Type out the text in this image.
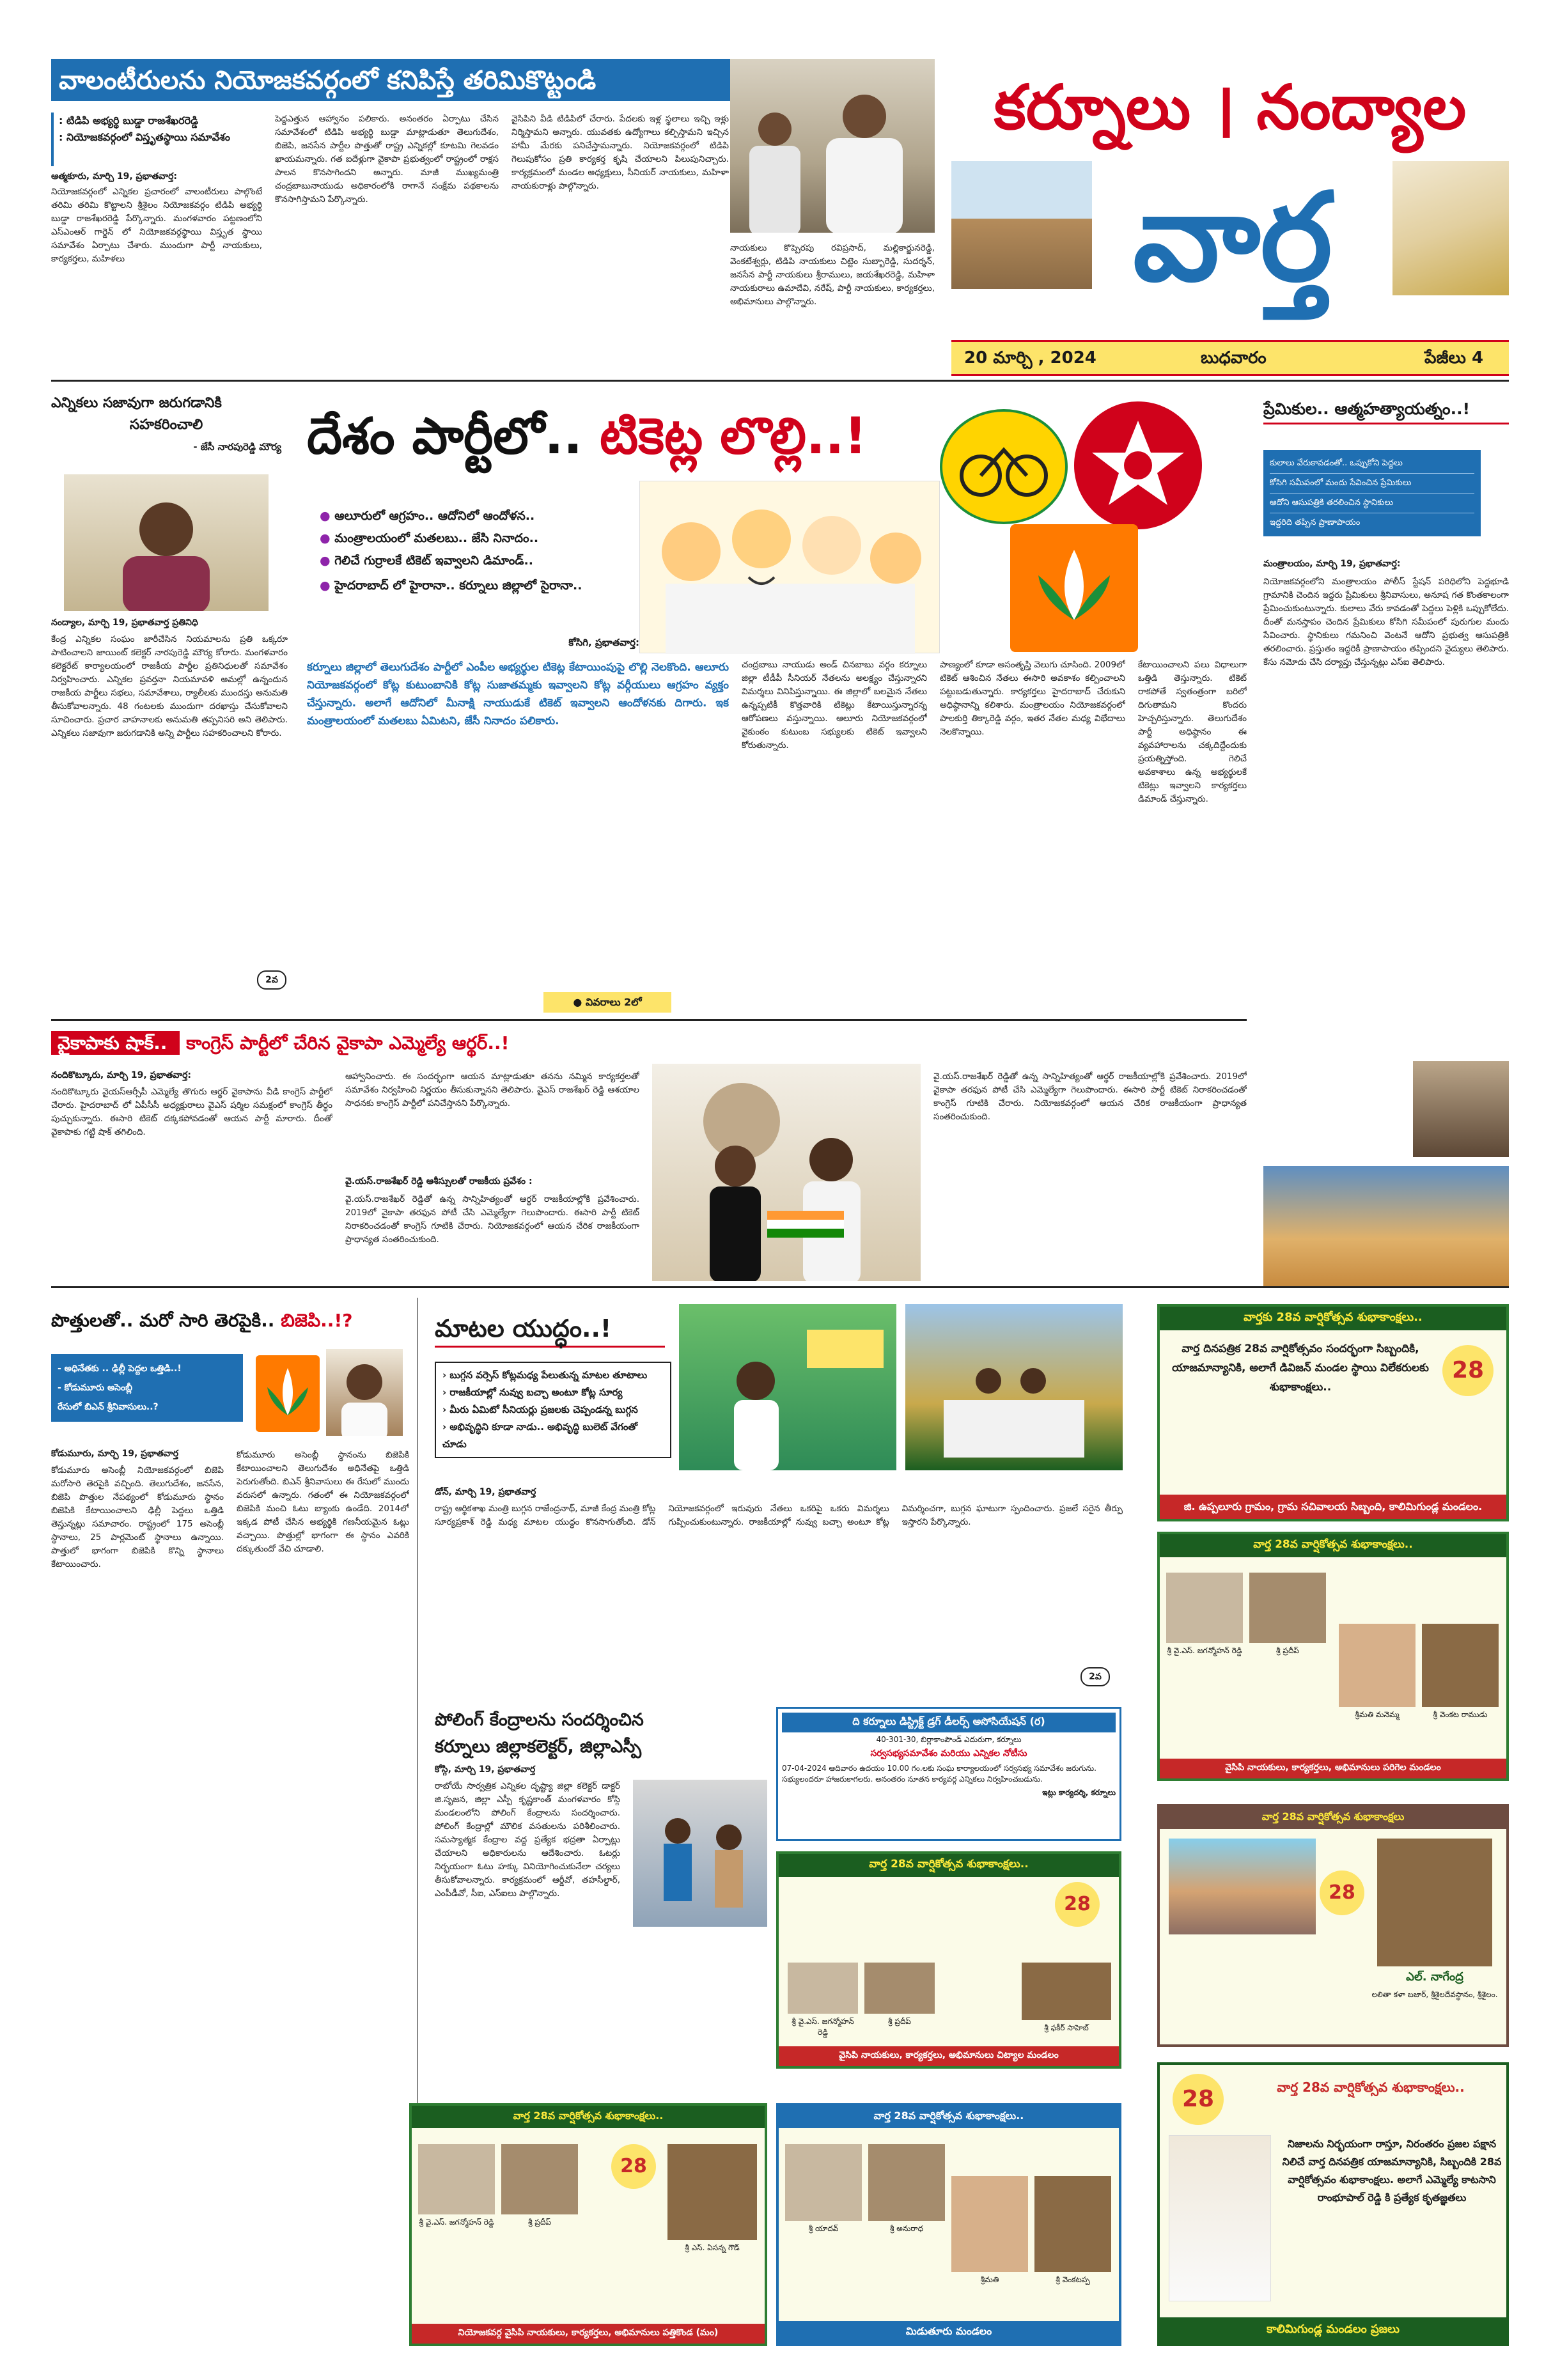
వాలంటీరులను నియోజకవర్గంలో కనిపిస్తే తరిమికొట్టండి
: టిడిపి అభ్యర్థి బుడ్డా రాజశేఖరరెడ్డి
: నియోజకవర్గంలో విస్తృతస్థాయి సమావేశం
ఆత్మకూరు, మార్చి 19, ప్రభాతవార్త:
నియోజకవర్గంలో ఎన్నికల ప్రచారంలో వాలంటీరులు పాల్గొంటే తరిమి తరిమి కొట్టాలని శ్రీశైలం నియోజకవర్గం టిడిపి అభ్యర్థి బుడ్డా రాజశేఖరరెడ్డి పేర్కొన్నారు. మంగళవారం పట్టణంలోని ఎస్ఎంఆర్ గార్డెన్ లో నియోజకవర్గస్థాయి విస్తృత స్థాయి సమావేశం ఏర్పాటు చేశారు. ముందుగా పార్టీ నాయకులు, కార్యకర్తలు, మహిళలు
పెద్దఎత్తున ఆహ్వానం పలికారు. అనంతరం ఏర్పాటు చేసిన సమావేశంలో టిడిపి అభ్యర్థి బుడ్డా మాట్లాడుతూ తెలుగుదేశం, బిజెపి, జనసేన పార్టీల పొత్తుతో రాష్ట్ర ఎన్నికల్లో కూటమి గెలవడం ఖాయమన్నారు. గత ఐదేళ్లుగా వైకాపా ప్రభుత్వంలో రాష్ట్రంలో రాక్షస పాలన కొనసాగిందని అన్నారు. మాజీ ముఖ్యమంత్రి చంద్రబాబునాయుడు అధికారంలోకి రాగానే సంక్షేమ పథకాలను కొనసాగిస్తామని పేర్కొన్నారు.
వైసిపిని వీడి టిడిపిలో చేరారు. పేదలకు ఇళ్ల స్థలాలు ఇచ్చి ఇళ్లు నిర్మిస్తామని అన్నారు. యువతకు ఉద్యోగాలు కల్పిస్తామని ఇచ్చిన హామీ మేరకు పనిచేస్తామన్నారు. నియోజకవర్గంలో టిడిపి గెలుపుకోసం ప్రతి కార్యకర్త కృషి చేయాలని పిలుపునిచ్చారు. కార్యక్రమంలో మండల అధ్యక్షులు, సీనియర్ నాయకులు, మహిళా నాయకురాళ్లు పాల్గొన్నారు.
నాయకులు కొప్పెరపు రవిప్రసాద్, మల్లికార్జునరెడ్డి, వెంకటేశ్వర్లు, టిడిపి నాయకులు చిట్టెం సుబ్బారెడ్డి, సుదర్శన్, జనసేన పార్టీ నాయకులు శ్రీరాములు, జయశేఖరరెడ్డి, మహిళా నాయకురాలు ఉమాదేవి, నరేష్, పార్టీ నాయకులు, కార్యకర్తలు, అభిమానులు పాల్గొన్నారు.
కర్నూలు । నంద్యాల
వార్త
20 మార్చి , 2024	బుధవారం	పేజీలు 4
ఎన్నికలు సజావుగా జరుగడానికి
సహకరించాలి
- జేసీ నారపురెడ్డి మౌర్య
నంద్యాల, మార్చి 19, ప్రభాతవార్త ప్రతినిధి
కేంద్ర ఎన్నికల సంఘం జారీచేసిన నియమాలను ప్రతి ఒక్కరూ పాటించాలని జాయింట్ కలెక్టర్ నారపురెడ్డి మౌర్య కోరారు. మంగళవారం కలెక్టరేట్ కార్యాలయంలో రాజకీయ పార్టీల ప్రతినిధులతో సమావేశం నిర్వహించారు. ఎన్నికల ప్రవర్తనా నియమావళి అమల్లో ఉన్నందున రాజకీయ పార్టీలు సభలు, సమావేశాలు, ర్యాలీలకు ముందస్తు అనుమతి తీసుకోవాలన్నారు. 48 గంటలకు ముందుగా దరఖాస్తు చేసుకోవాలని సూచించారు. ప్రచార వాహనాలకు అనుమతి తప్పనిసరి అని తెలిపారు. ఎన్నికలు సజావుగా జరుగడానికి అన్ని పార్టీలు సహకరించాలని కోరారు.
2వ
దేశం పార్టీలో.. టికెట్ల లొల్లి..!
● ఆలూరులో ఆగ్రహం.. ఆదోనిలో ఆందోళన..
● మంత్రాలయంలో మతలబు.. జేసి నినాదం..
● గెలిచే గుర్రాలకే టికెట్ ఇవ్వాలని డిమాండ్..
● హైదరాబాద్ లో హైరానా.. కర్నూలు జిల్లాలో సైరానా..
కోసిగి, ప్రభాతవార్త:
కర్నూలు జిల్లాలో తెలుగుదేశం పార్టీలో ఎంపీల అభ్యర్థుల టికెట్ల కేటాయింపుపై లొల్లి నెలకొంది. ఆలూరు నియోజకవర్గంలో కోట్ల కుటుంబానికి కోట్ల సుజాతమ్మకు ఇవ్వాలని కోట్ల వర్గీయులు ఆగ్రహం వ్యక్తం చేస్తున్నారు. అలాగే ఆదోనిలో మీనాక్షి నాయుడుకే టికెట్ ఇవ్వాలని ఆందోళనకు దిగారు. ఇక మంత్రాలయంలో మతలబు ఏమిటని, జేసీ నినాదం పలికారు.
● వివరాలు 2లో
చంద్రబాబు నాయుడు అండ్ చినబాబు వర్గం కర్నూలు జిల్లా టీడీపీ సీనియర్ నేతలను అలక్ష్యం చేస్తున్నారని విమర్శలు వినిపిస్తున్నాయి. ఈ జిల్లాలో బలమైన నేతలు ఉన్నప్పటికీ కొత్తవారికి టికెట్లు కేటాయిస్తున్నారన్న ఆరోపణలు వస్తున్నాయి. ఆలూరు నియోజకవర్గంలో వైకుంఠం కుటుంబ సభ్యులకు టికెట్ ఇవ్వాలని కోరుతున్నారు.
పాణ్యంలో కూడా అసంతృప్తి వెలుగు చూసింది. 2009లో టికెట్ ఆశించిన నేతలు ఈసారి అవకాశం కల్పించాలని పట్టుబడుతున్నారు. కార్యకర్తలు హైదరాబాద్ చేరుకుని అధిష్ఠానాన్ని కలిశారు. మంత్రాలయం నియోజకవర్గంలో పాలకుర్తి తిక్కారెడ్డి వర్గం, ఇతర నేతల మధ్య విభేదాలు నెలకొన్నాయి.
కేటాయించాలని పలు విధాలుగా ఒత్తిడి తెస్తున్నారు. టికెట్ రాకపోతే స్వతంత్రంగా బరిలో దిగుతామని కొందరు హెచ్చరిస్తున్నారు. తెలుగుదేశం పార్టీ అధిష్ఠానం ఈ వ్యవహారాలను చక్కదిద్దేందుకు ప్రయత్నిస్తోంది. గెలిచే అవకాశాలు ఉన్న అభ్యర్థులకే టికెట్లు ఇవ్వాలని కార్యకర్తలు డిమాండ్ చేస్తున్నారు.
ప్రేమికుల.. ఆత్మహత్యాయత్నం..!
కులాలు వేరుకావడంతో.. ఒప్పుకోని పెద్దలు
కోసిగి సమీపంలో మందు సేవించిన ప్రేమికులు
ఆదోని ఆసుపత్రికి తరలించిన స్థానికులు
ఇద్దరిది తప్పిన ప్రాణాపాయం
మంత్రాలయం, మార్చి 19, ప్రభాతవార్త:
నియోజకవర్గంలోని మంత్రాలయం పోలీస్ స్టేషన్ పరిధిలోని పెద్దభూడి గ్రామానికి చెందిన ఇద్దరు ప్రేమికులు శ్రీనివాసులు, అనూష గత కొంతకాలంగా ప్రేమించుకుంటున్నారు. కులాలు వేరు కావడంతో పెద్దలు పెళ్లికి ఒప్పుకోలేదు. దీంతో మనస్తాపం చెందిన ప్రేమికులు కోసిగి సమీపంలో పురుగుల మందు సేవించారు. స్థానికులు గమనించి వెంటనే ఆదోని ప్రభుత్వ ఆసుపత్రికి తరలించారు. ప్రస్తుతం ఇద్దరికీ ప్రాణాపాయం తప్పిందని వైద్యులు తెలిపారు. కేసు నమోదు చేసి దర్యాప్తు చేస్తున్నట్లు ఎస్ఐ తెలిపారు.
వైకాపాకు షాక్.. కాంగ్రెస్ పార్టీలో చేరిన వైకాపా ఎమ్మెల్యే ఆర్థర్..!
నందికొట్కూరు, మార్చి 19, ప్రభాతవార్త:
నందికొట్కూరు వైయస్ఆర్సీపీ ఎమ్మెల్యే తొగురు ఆర్థర్ వైకాపాను వీడి కాంగ్రెస్ పార్టీలో చేరారు. హైదరాబాద్ లో ఏపీసీసీ అధ్యక్షురాలు వైఎస్ షర్మిల సమక్షంలో కాంగ్రెస్ తీర్థం పుచ్చుకున్నారు. ఈసారి టికెట్ దక్కకపోవడంతో ఆయన పార్టీ మారారు. దీంతో వైకాపాకు గట్టి షాక్ తగిలింది.
ఆహ్వానించారు. ఈ సందర్భంగా ఆయన మాట్లాడుతూ తనను నమ్మిన కార్యకర్తలతో సమావేశం నిర్వహించి నిర్ణయం తీసుకున్నానని తెలిపారు. వైఎస్ రాజశేఖర్ రెడ్డి ఆశయాల సాధనకు కాంగ్రెస్ పార్టీలో పనిచేస్తానని పేర్కొన్నారు.
వై.యస్.రాజశేఖర్ రెడ్డి ఆశీస్సులతో రాజకీయ ప్రవేశం :
వై.యస్.రాజశేఖర్ రెడ్డితో ఉన్న సాన్నిహిత్యంతో ఆర్థర్ రాజకీయాల్లోకి ప్రవేశించారు. 2019లో వైకాపా తరఫున పోటీ చేసి ఎమ్మెల్యేగా గెలుపొందారు. ఈసారి పార్టీ టికెట్ నిరాకరించడంతో కాంగ్రెస్ గూటికి చేరారు. నియోజకవర్గంలో ఆయన చేరిక రాజకీయంగా ప్రాధాన్యత సంతరించుకుంది.
వై.యస్.రాజశేఖర్ రెడ్డితో ఉన్న సాన్నిహిత్యంతో ఆర్థర్ రాజకీయాల్లోకి ప్రవేశించారు. 2019లో వైకాపా తరఫున పోటీ చేసి ఎమ్మెల్యేగా గెలుపొందారు. ఈసారి పార్టీ టికెట్ నిరాకరించడంతో కాంగ్రెస్ గూటికి చేరారు. నియోజకవర్గంలో ఆయన చేరిక రాజకీయంగా ప్రాధాన్యత సంతరించుకుంది.
పొత్తులతో.. మరో సారి తెరపైకి.. బిజెపి..!?
- అధినేతకు .. ఢిల్లీ పెద్దల ఒత్తిడి..!
- కోడుమూరు అసెంబ్లీ
రేసులో బిఎన్ శ్రీనివాసులు..?
కోడుమూరు, మార్చి 19, ప్రభాతవార్త
కోడుమూరు అసెంబ్లీ నియోజకవర్గంలో బిజెపి మరోసారి తెరపైకి వచ్చింది. తెలుగుదేశం, జనసేన, బిజెపి పొత్తుల నేపథ్యంలో కోడుమూరు స్థానం బిజెపికి కేటాయించాలని ఢిల్లీ పెద్దలు ఒత్తిడి తెస్తున్నట్లు సమాచారం. రాష్ట్రంలో 175 అసెంబ్లీ స్థానాలు, 25 పార్లమెంట్ స్థానాలు ఉన్నాయి. పొత్తులో భాగంగా బిజెపికి కొన్ని స్థానాలు కేటాయించారు.
కోడుమూరు అసెంబ్లీ స్థానంను బిజెపికి కేటాయించాలని తెలుగుదేశం అధినేతపై ఒత్తిడి పెరుగుతోంది. బిఎన్ శ్రీనివాసులు ఈ రేసులో ముందు వరుసలో ఉన్నారు. గతంలో ఈ నియోజకవర్గంలో బిజెపికి మంచి ఓటు బ్యాంకు ఉండేది. 2014లో ఇక్కడ పోటీ చేసిన అభ్యర్థికి గణనీయమైన ఓట్లు వచ్చాయి. పొత్తుల్లో భాగంగా ఈ స్థానం ఎవరికి దక్కుతుందో వేచి చూడాలి.
మాటల యుద్ధం..!
› బుగ్గన వర్సెస్ కోట్లమధ్య పేలుతున్న మాటల తూటాలు
› రాజకీయాల్లో నువ్వు బచ్చా అంటూ కోట్ల సూర్య
› మీరు ఏమిటో సీనియర్లు ప్రజలకు చెప్పండన్న బుగ్గన
› అభివృద్ధిని కూడా నాడు.. అభివృద్ధి బులెట్ వేగంతో చూడు
డోన్, మార్చి 19, ప్రభాతవార్త
రాష్ట్ర ఆర్థికశాఖ మంత్రి బుగ్గన రాజేంద్రనాథ్, మాజీ కేంద్ర మంత్రి కోట్ల సూర్యప్రకాశ్ రెడ్డి మధ్య మాటల యుద్ధం కొనసాగుతోంది. డోన్ నియోజకవర్గంలో ఇరువురు నేతలు ఒకరిపై ఒకరు విమర్శలు గుప్పించుకుంటున్నారు. రాజకీయాల్లో నువ్వు బచ్చా అంటూ కోట్ల విమర్శించగా, బుగ్గన ఘాటుగా స్పందించారు. ప్రజలే సరైన తీర్పు ఇస్తారని పేర్కొన్నారు.
2వ
పోలింగ్ కేంద్రాలను సందర్శించిన
కర్నూలు జిల్లాకలెక్టర్, జిల్లాఎస్పీ
కోస్గి, మార్చి 19, ప్రభాతవార్త
రాబోయే సార్వత్రిక ఎన్నికల దృష్ట్యా జిల్లా కలెక్టర్ డాక్టర్ జి.సృజన, జిల్లా ఎస్పీ కృష్ణకాంత్ మంగళవారం కోస్గి మండలంలోని పోలింగ్ కేంద్రాలను సందర్శించారు. పోలింగ్ కేంద్రాల్లో మౌలిక వసతులను పరిశీలించారు. సమస్యాత్మక కేంద్రాల వద్ద ప్రత్యేక భద్రతా ఏర్పాట్లు చేయాలని అధికారులను ఆదేశించారు. ఓటర్లు నిర్భయంగా ఓటు హక్కు వినియోగించుకునేలా చర్యలు తీసుకోవాలన్నారు. కార్యక్రమంలో ఆర్డీవో, తహసీల్దార్, ఎంపీడీవో, సీఐ, ఎస్ఐలు పాల్గొన్నారు.
ది కర్నూలు డిస్ట్రిక్ట్ డ్రగ్ డీలర్స్ అసోసియేషన్ (ర)
40-301-30, బిర్లాకాంపౌండ్ ఎదురుగా, కర్నూలు
సర్వసభ్యసమావేశం మరియు ఎన్నికల నోటీసు
07-04-2024 ఆదివారం ఉదయం 10.00 గం.లకు సంఘ కార్యాలయంలో సర్వసభ్య సమావేశం జరుగును. సభ్యులందరూ హాజరుకాగలరు. అనంతరం నూతన కార్యవర్గ ఎన్నికలు నిర్వహించబడును.
ఇట్లు కార్యదర్శి, కర్నూలు
వార్త 28వ వార్షికోత్సవ శుభాకాంక్షలు..
28
శ్రీ వై.ఎస్. జగన్మోహన్ రెడ్డి
శ్రీ ప్రదీప్
శ్రీ ఫకీర్ సాహెబ్
వైసిపి నాయకులు, కార్యకర్తలు, అభిమానులు చిట్యాల మండలం
వార్త 28వ వార్షికోత్సవ శుభాకాంక్షలు..
28
శ్రీ వై.ఎస్. జగన్మోహన్ రెడ్డి	శ్రీ ప్రదీప్
శ్రీ ఎస్. ఏసన్న గౌడ్
నియోజకవర్గ వైసిపి నాయకులు, కార్యకర్తలు, అభిమానులు పత్తికొండ (మం)
వార్త 28వ వార్షికోత్సవ శుభాకాంక్షలు..
శ్రీ యాదవ్	శ్రీ అనురాధ
శ్రీమతి	శ్రీ వెంకటప్ప
మిడుతూరు మండలం
వార్తకు 28వ వార్షికోత్సవ శుభాకాంక్షలు..
28
వార్త దినపత్రిక 28వ వార్షికోత్సవం సందర్భంగా సిబ్బందికి, యాజమాన్యానికి, అలాగే డివిజన్ మండల స్థాయి విలేకరులకు శుభాకాంక్షలు..
జి. ఉప్పలూరు గ్రామం, గ్రామ సచివాలయ సిబ్బంది, కాలిమిగుండ్ల మండలం.
వార్త 28వ వార్షికోత్సవ శుభాకాంక్షలు..
శ్రీ వై.ఎస్. జగన్మోహన్ రెడ్డి	శ్రీ ప్రదీప్
శ్రీమతి మనెమ్మ	శ్రీ వెంకట రాముడు
వైసిపి నాయకులు, కార్యకర్తలు, అభిమానులు పరిగెల మండలం
వార్త 28వ వార్షికోత్సవ శుభాకాంక్షలు
28
ఎల్. నాగేంద్ర
లలితా కళా బజార్, శ్రీశైలదేవస్థానం, శ్రీశైలం.
28	వార్త 28వ వార్షికోత్సవ శుభాకాంక్షలు..
నిజాలను నిర్భయంగా రాస్తూ, నిరంతరం ప్రజల పక్షాన నిలిచే వార్త దినపత్రిక యాజమాన్యానికి, సిబ్బందికి 28వ వార్షికోత్సవం శుభాకాంక్షలు. అలాగే ఎమ్మెల్యే కాటసాని రాంభూపాల్ రెడ్డి కి ప్రత్యేక కృతజ్ఞతలు
కాలిమిగుండ్ల మండలం ప్రజలు
